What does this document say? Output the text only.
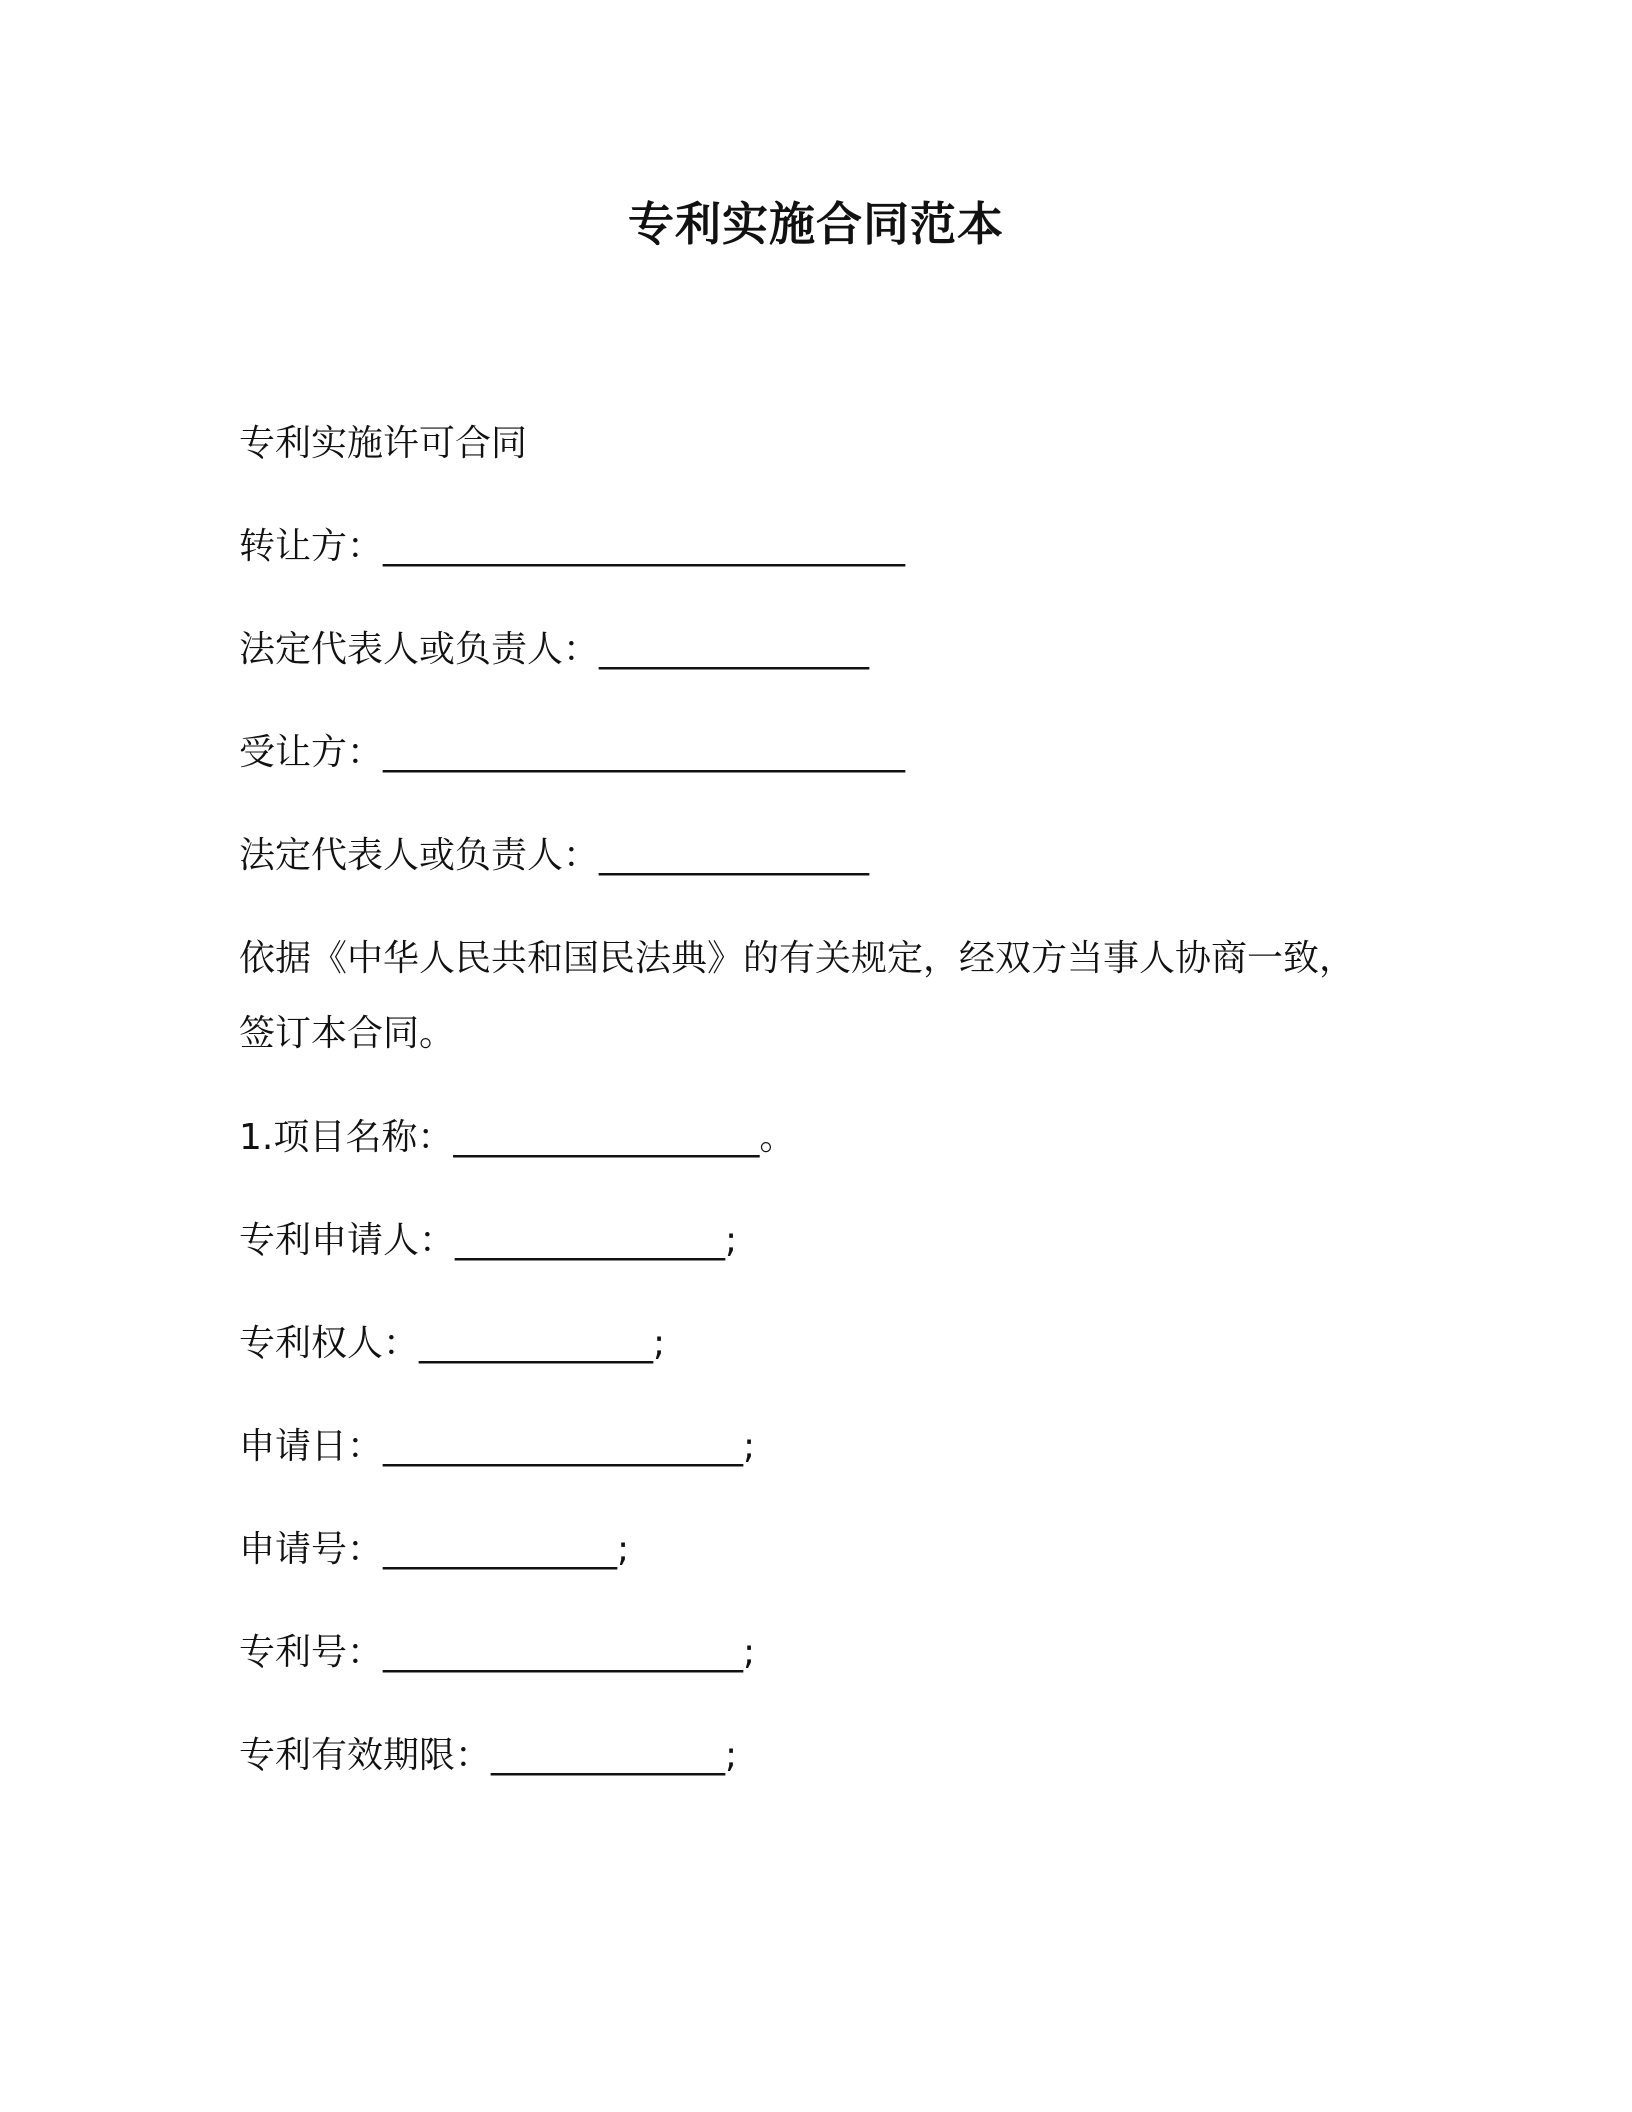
专利实施合同范本
专利实施许可合同
转让方：_____________________________
法定代表人或负责人：_______________
受让方：_____________________________
法定代表人或负责人：_______________
依据《中华人民共和国民法典》的有关规定，经双方当事人协商一致，
签订本合同。
1.项目名称：_________________。
专利申请人：_______________;
专利权人：_____________;
申请日：____________________;
申请号：_____________;
专利号：____________________;
专利有效期限：_____________;
